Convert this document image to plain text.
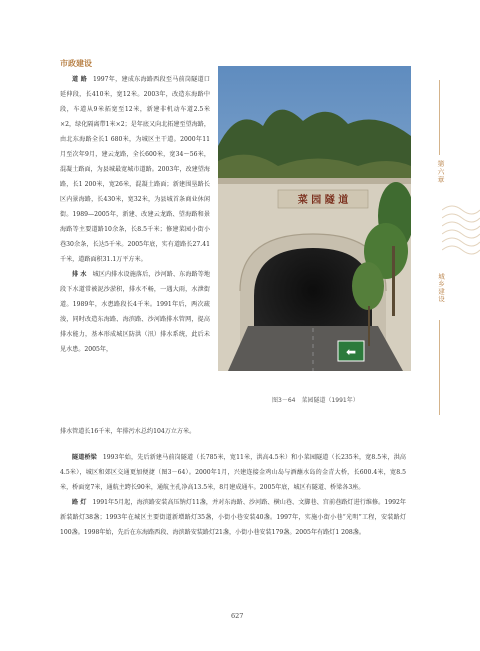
市政建设

道 路 1997年，建成东海路西段至马前岗隧道口延伸段，长410米，宽12米。2003年，改造东海路中段，车道从9米拓宽至12米，新建非机动车道2.5米×2，绿化隔离带1米×2；是年底又向北拓建至望海路，由北东海路全长1 680米，为城区主干道。2000年11月至次年9月，建云龙路，全长600米，宽34～56米，混凝土路面，为县城最宽城市道路。2003年，改建望海路，长1 200米，宽26米，混凝土路面；新建围垦路长区内景海路，长430米，宽32米，为县城首条商业休闲街。1989—2005年，新建、改建云龙路、望海路和景海路等主要道路10余条，长8.5千米；修建菜园小街小巷30余条，长达5千米。2005年底，实有道路长27.41千米，道路面积31.1万平方米。

排 水 城区内排水设施落后，沙河路、东海路等地段下水道常被泥沙淤积，排水不畅，一遇大雨，水泄街道。1989年，水患路段长4千米。1991年后，两次疏浚，同时改造东海路、海滨路、沙河路排水管网，提高排水能力，基本形成城区防洪（汛）排水系统，此后未见水患。2005年，

菜 园 隧 道
⬅
图3－64　菜园隧道（1991年）
第六章
城乡建设
排水管道长16千米，年排污水总约104万立方米。

隧道桥梁 1993年始，先后新建马前岗隧道（长785米，宽11米，洪高4.5米）和小菜园隧道（长235米，宽8.5米，洪高4.5米），城区和郊区交通更加便捷（图3－64）。2000年1月，兴建连接金鸡山岛与酒蘸水岛的金青大桥，长600.4米，宽8.5米，桥面宽7米，通航主跨长90米，通航主孔净高13.5米，8月建成通车。2005年底，城区有隧道、桥梁各3座。

路 灯 1991年5月起，海滨路安装高压钠灯11盏，并对东海路、沙河路、横山巷、文脚巷、宫前巷路灯进行维修。1992年新装路灯38盏；1993年在城区主要街道新增路灯35盏，小街小巷安装40盏。1997年，实施小街小巷“光明”工程，安装路灯100盏。1998年始，先后在东海路西段、海滨路安装路灯21盏，小街小巷安装179盏。2005年有路灯1 208盏。

627
